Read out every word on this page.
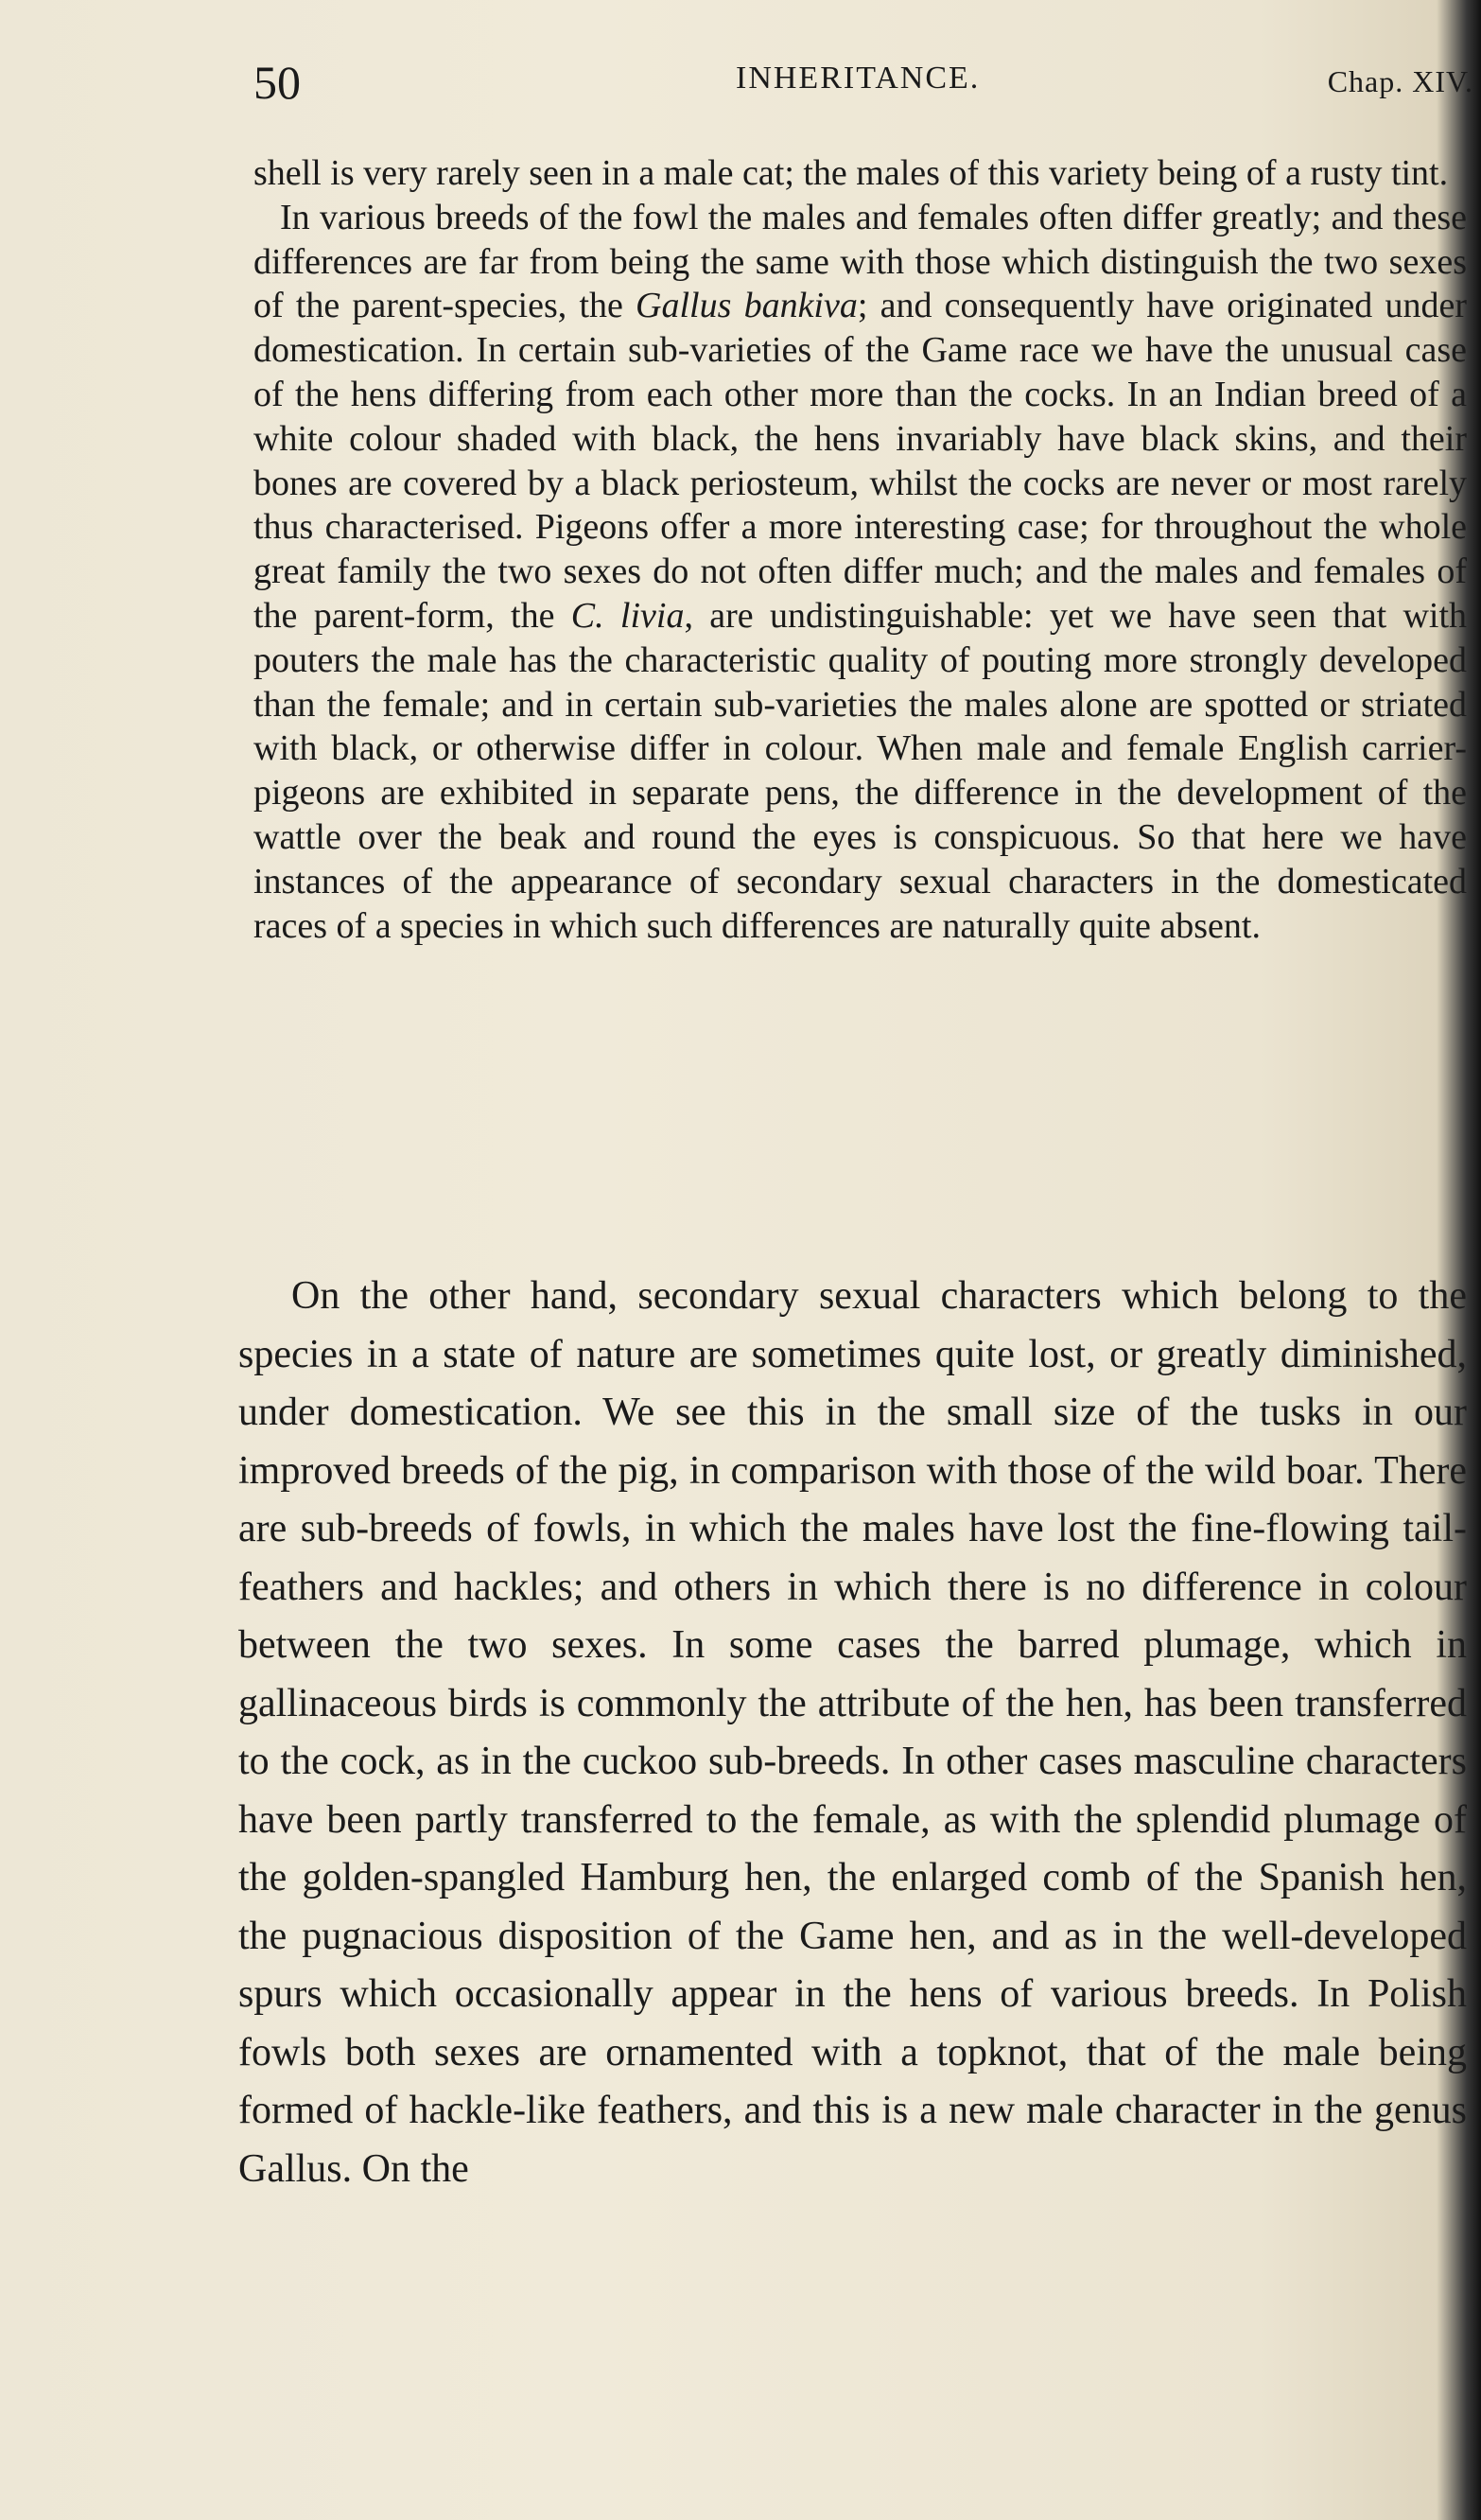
50	INHERITANCE.	Chap. XIV.

shell is very rarely seen in a male cat; the males of this variety being of a rusty tint.

In various breeds of the fowl the males and females often differ greatly; and these differences are far from being the same with those which distinguish the two sexes of the parent-species, the Gallus bankiva; and consequently have originated under domestication. In certain sub-varieties of the Game race we have the unusual case of the hens differing from each other more than the cocks. In an Indian breed of a white colour shaded with black, the hens invariably have black skins, and their bones are covered by a black periosteum, whilst the cocks are never or most rarely thus characterised. Pigeons offer a more interesting case; for throughout the whole great family the two sexes do not often differ much; and the males and females of the parent-form, the C. livia, are undistinguishable: yet we have seen that with pouters the male has the characteristic quality of pouting more strongly developed than the female; and in certain sub-varieties the males alone are spotted or striated with black, or otherwise differ in colour. When male and female English carrier-pigeons are exhibited in separate pens, the difference in the development of the wattle over the beak and round the eyes is conspicuous. So that here we have instances of the appearance of secondary sexual characters in the domesticated races of a species in which such differences are naturally quite absent.

On the other hand, secondary sexual characters which belong to the species in a state of nature are sometimes quite lost, or greatly diminished, under domestication. We see this in the small size of the tusks in our improved breeds of the pig, in comparison with those of the wild boar. There are sub-breeds of fowls, in which the males have lost the fine-flowing tail-feathers and hackles; and others in which there is no difference in colour between the two sexes. In some cases the barred plumage, which in gallinaceous birds is commonly the attribute of the hen, has been transferred to the cock, as in the cuckoo sub-breeds. In other cases masculine characters have been partly transferred to the female, as with the splendid plumage of the golden-spangled Hamburg hen, the enlarged comb of the Spanish hen, the pugnacious disposition of the Game hen, and as in the well-developed spurs which occasionally appear in the hens of various breeds. In Polish fowls both sexes are ornamented with a topknot, that of the male being formed of hackle-like feathers, and this is a new male character in the genus Gallus. On the
